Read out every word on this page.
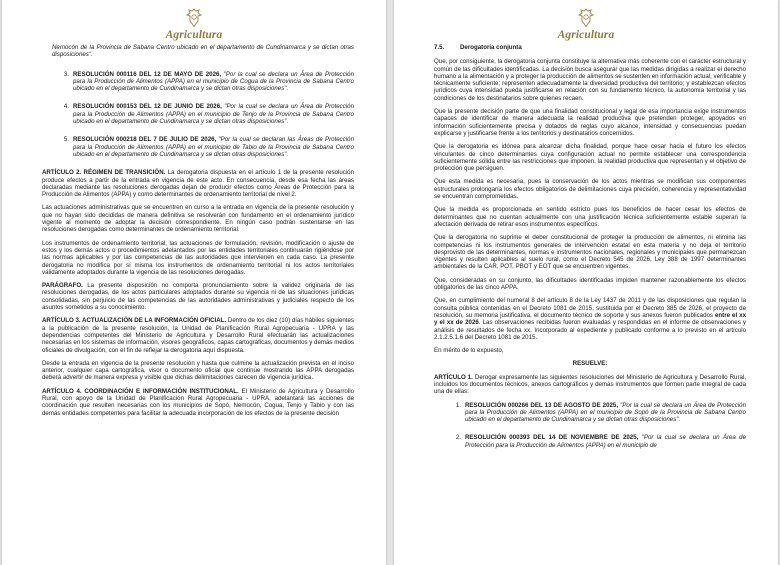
Agricultura

Nemocón de la Provincia de Sabana Centro ubicado en el departamento de Cundinamarca y se dictan otras disposiciones".

3. RESOLUCIÓN 000116 DEL 12 DE MAYO DE 2026, "Por la cual se declara un Área de Protección para la Producción de Alimentos (APPA) en el municipio de Cogua de la Provincia de Sabana Centro ubicado en el departamento de Cundinamarca y se dictan otras disposiciones".
4. RESOLUCIÓN 000153 DEL 12 DE JUNIO DE 2026, "Por la cual se declara un Área de Protección para la Producción de Alimentos (APPA) en el municipio de Tenjo de la Provincia de Sabana Centro ubicado en el departamento de Cundinamarca y se dictan otras disposiciones".
5. RESOLUCIÓN 000218 DEL 7 DE JULIO DE 2026, "Por la cual se declaran las Áreas de Protección para la Producción de Alimentos (APPA) en el municipio de Tabio de la Provincia de Sabana Centro ubicado en el departamento de Cundinamarca y se dictan otras disposiciones".

ARTÍCULO 2. RÉGIMEN DE TRANSICIÓN. La derogatoria dispuesta en el artículo 1 de la presente resolución produce efectos a partir de la entrada en vigencia de este acto. En consecuencia, desde esa fecha las áreas declaradas mediante las resoluciones derogadas dejan de producir efectos como Áreas de Protección para la Producción de Alimentos (APPA) y como determinantes de ordenamiento territorial de nivel 2.

Las actuaciones administrativas que se encuentren en curso a la entrada en vigencia de la presente resolución y que no hayan sido decididas de manera definitiva se resolverán con fundamento en el ordenamiento jurídico vigente al momento de adoptar la decisión correspondiente. En ningún caso podrán sustentarse en las resoluciones derogadas como determinantes de ordenamiento territorial.

Los instrumentos de ordenamiento territorial, las actuaciones de formulación, revisión, modificación o ajuste de estos y los demás actos o procedimientos adelantados por las entidades territoriales continuarán rigiéndose por las normas aplicables y por las competencias de las autoridades que intervienen en cada caso. La presente derogatoria no modifica por sí misma los instrumentos de ordenamiento territorial ni los actos territoriales válidamente adoptados durante la vigencia de las resoluciones derogadas.

PARÁGRAFO. La presente disposición no comporta pronunciamiento sobre la validez originaria de las resoluciones derogadas, de los actos particulares adoptados durante su vigencia ni de las situaciones jurídicas consolidadas, sin perjuicio de las competencias de las autoridades administrativas y judiciales respecto de los asuntos sometidos a su conocimiento.

ARTÍCULO 3. ACTUALIZACIÓN DE LA INFORMACIÓN OFICIAL. Dentro de los diez (10) días hábiles siguientes a la publicación de la presente resolución, la Unidad de Planificación Rural Agropecuaria - UPRA y las dependencias competentes del Ministerio de Agricultura y Desarrollo Rural efectuarán las actualizaciones necesarias en los sistemas de información, visores geográficos, capas cartográficas, documentos y demás medios oficiales de divulgación, con el fin de reflejar la derogatoria aquí dispuesta.

Desde la entrada en vigencia de la presente resolución y hasta que culmine la actualización prevista en el inciso anterior, cualquier capa cartográfica, visor o documento oficial que continúe mostrando las APPA derogadas deberá advertir de manera expresa y visible que dichas delimitaciones carecen de vigencia jurídica.

ARTÍCULO 4. COORDINACIÓN E INFORMACIÓN INSTITUCIONAL. El Ministerio de Agricultura y Desarrollo Rural, con apoyo de la Unidad de Planificación Rural Agropecuaria - UPRA, adelantará las acciones de coordinación que resulten necesarias con los municipios de Sopó, Nemocón, Cogua, Tenjo y Tabio y con las demás entidades competentes para facilitar la adecuada incorporación de los efectos de la presente decisión

Agricultura

7.5.	Derogatoria conjunta

Que, por consiguiente, la derogatoria conjunta constituye la alternativa más coherente con el carácter estructural y común de las dificultades identificadas. La decisión busca asegurar que las medidas dirigidas a realizar el derecho humano a la alimentación y a proteger la producción de alimentos se sustenten en información actual, verificable y técnicamente suficiente; representen adecuadamente la diversidad productiva del territorio; y establezcan efectos jurídicos cuya intensidad pueda justificarse en relación con su fundamento técnico, la autonomía territorial y las condiciones de los destinatarios sobre quienes recaen.

Que la presente decisión parte de que una finalidad constitucional y legal de esa importancia exige instrumentos capaces de identificar de manera adecuada la realidad productiva que pretenden proteger, apoyados en información suficientemente precisa y dotados de reglas cuyo alcance, intensidad y consecuencias puedan explicarse y justificarse frente a los territorios y destinatarios concernidos.

Que la derogatoria es idónea para alcanzar dicha finalidad, porque hace cesar hacia el futuro los efectos vinculantes de cinco determinantes cuya configuración actual no permite establecer una correspondencia suficientemente sólida entre las restricciones que imponen, la realidad productiva que representan y el objetivo de protección que persiguen.

Que esta medida es necesaria, pues la conservación de los actos mientras se modifican sus componentes estructurales prolongaría los efectos obligatorios de delimitaciones cuya precisión, coherencia y representatividad se encuentran comprometidas.

Que la medida es proporcionada en sentido estricto pues los beneficios de hacer cesar los efectos de determinantes que no cuentan actualmente con una justificación técnica suficientemente estable superan la afectación derivada de retirar esos instrumentos específicos.

Que la derogatoria no suprime el deber constitucional de proteger la producción de alimentos, ni elimina las competencias ni los instrumentos generales de intervención estatal en esta materia y no deja el territorio desprovisto de las determinantes, normas e instrumentos nacionales, regionales y municipales que permanezcan vigentes y resulten aplicables al suelo rural, como el Decreto 545 de 2026, Ley 388 de 1997 determinantes ambientales de la CAR, POT, PBOT y EOT que se encuentren vigentes.

Que, consideradas en su conjunto, las dificultades identificadas impiden mantener razonablemente los efectos obligatorios de las cinco APPA.

Que, en cumplimiento del numeral 8 del artículo 8 de la Ley 1437 de 2011 y de las disposiciones que regulan la consulta pública contenidas en el Decreto 1081 de 2015, sustituida por el Decreto 385 de 2026, el proyecto de resolución, su memoria justificativa, el documento técnico de soporte y sus anexos fueron publicados entre el xx y el xx de 2026. Las observaciones recibidas fueron evaluadas y respondidas en el informe de observaciones y análisis de resultados de fecha xx. Incorporado al expediente y publicado conforme a lo previsto en el artículo 2.1.2.5.1.6 del Decreto 1081 de 2015.

En mérito de lo expuesto,

RESUELVE:

ARTÍCULO 1. Derogar expresamente las siguientes resoluciones del Ministerio de Agricultura y Desarrollo Rural, incluidos los documentos técnicos, anexos cartográficos y demás instrumentos que formen parte integral de cada una de ellas:

1. RESOLUCIÓN 000266 DEL 13 DE AGOSTO DE 2025, "Por la cual se declara un Área de Protección para la Producción de Alimentos (APPA) en el municipio de Sopó de la Provincia de Sabana Centro ubicado en el departamento de Cundinamarca y se dictan otras disposiciones".
2. RESOLUCIÓN 000393 DEL 14 DE NOVIEMBRE DE 2025, "Por la cual se declara un Área de Protección para la Producción de Alimentos (APPA) en el municipio de
